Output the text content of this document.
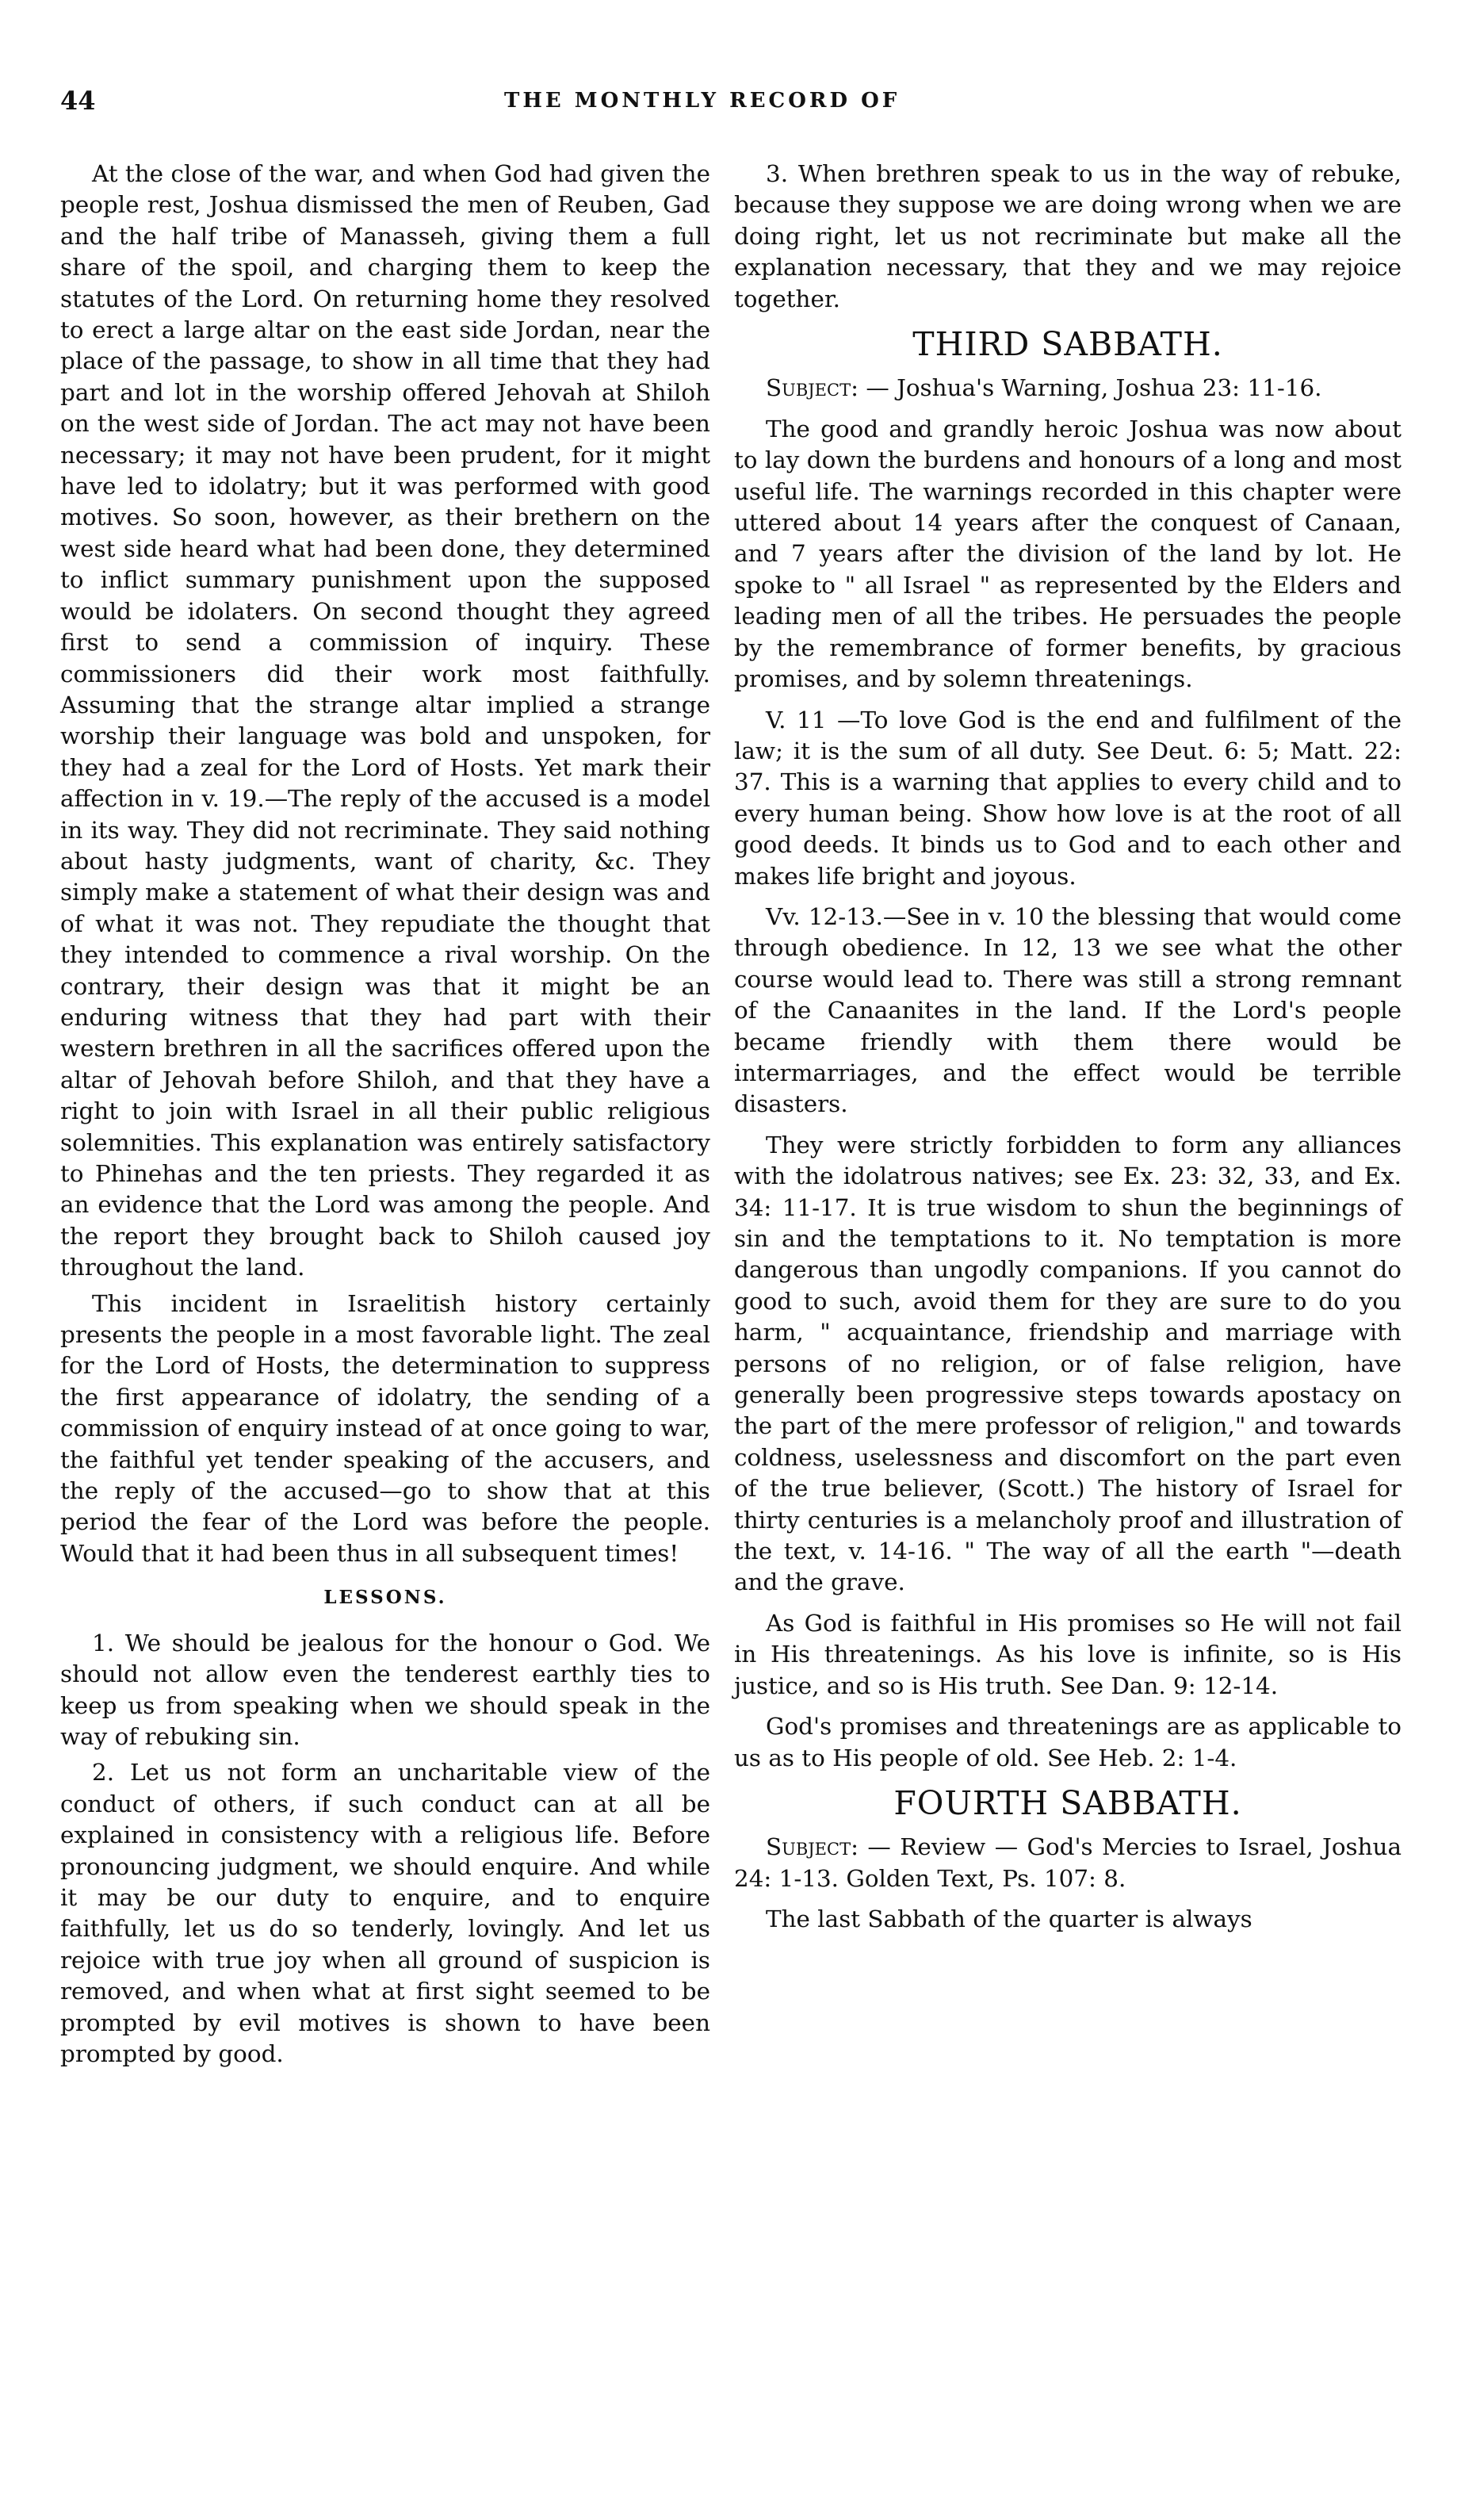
44	THE MONTHLY RECORD OF

At the close of the war, and when God had given the people rest, Joshua dismissed the men of Reuben, Gad and the half tribe of Manasseh, giving them a full share of the spoil, and charging them to keep the statutes of the Lord. On returning home they resolved to erect a large altar on the east side Jordan, near the place of the passage, to show in all time that they had part and lot in the worship offered Jehovah at Shiloh on the west side of Jordan. The act may not have been necessary; it may not have been prudent, for it might have led to idolatry; but it was performed with good motives. So soon, however, as their brethern on the west side heard what had been done, they determined to inflict summary punishment upon the supposed would be idolaters. On second thought they agreed first to send a commission of inquiry. These commissioners did their work most faithfully. Assuming that the strange altar implied a strange worship their language was bold and unspoken, for they had a zeal for the Lord of Hosts. Yet mark their affection in v. 19.—The reply of the accused is a model in its way. They did not recriminate. They said nothing about hasty judgments, want of charity, &c. They simply make a statement of what their design was and of what it was not. They repudiate the thought that they intended to commence a rival worship. On the contrary, their design was that it might be an enduring witness that they had part with their western brethren in all the sacrifices offered upon the altar of Jehovah before Shiloh, and that they have a right to join with Israel in all their public religious solemnities. This explanation was entirely satisfactory to Phinehas and the ten priests. They regarded it as an evidence that the Lord was among the people. And the report they brought back to Shiloh caused joy throughout the land.

This incident in Israelitish history certainly presents the people in a most favorable light. The zeal for the Lord of Hosts, the determination to suppress the first appearance of idolatry, the sending of a commission of enquiry instead of at once going to war, the faithful yet tender speaking of the accusers, and the reply of the accused—go to show that at this period the fear of the Lord was before the people. Would that it had been thus in all subsequent times!

LESSONS.

1. We should be jealous for the honour o God. We should not allow even the tenderest earthly ties to keep us from speaking when we should speak in the way of rebuking sin.

2. Let us not form an uncharitable view of the conduct of others, if such conduct can at all be explained in consistency with a religious life. Before pronouncing judgment, we should enquire. And while it may be our duty to enquire, and to enquire faithfully, let us do so tenderly, lovingly. And let us rejoice with true joy when all ground of suspicion is removed, and when what at first sight seemed to be prompted by evil motives is shown to have been prompted by good.

3. When brethren speak to us in the way of rebuke, because they suppose we are doing wrong when we are doing right, let us not recriminate but make all the explanation necessary, that they and we may rejoice together.

THIRD SABBATH.

Subject: — Joshua's Warning, Joshua 23: 11-16.

The good and grandly heroic Joshua was now about to lay down the burdens and honours of a long and most useful life. The warnings recorded in this chapter were uttered about 14 years after the conquest of Canaan, and 7 years after the division of the land by lot. He spoke to " all Israel " as represented by the Elders and leading men of all the tribes. He persuades the people by the remembrance of former benefits, by gracious promises, and by solemn threatenings.

V. 11 —To love God is the end and fulfilment of the law; it is the sum of all duty. See Deut. 6: 5; Matt. 22: 37. This is a warning that applies to every child and to every human being. Show how love is at the root of all good deeds. It binds us to God and to each other and makes life bright and joyous.

Vv. 12-13.—See in v. 10 the blessing that would come through obedience. In 12, 13 we see what the other course would lead to. There was still a strong remnant of the Canaanites in the land. If the Lord's people became friendly with them there would be intermarriages, and the effect would be terrible disasters.

They were strictly forbidden to form any alliances with the idolatrous natives; see Ex. 23: 32, 33, and Ex. 34: 11-17. It is true wisdom to shun the beginnings of sin and the temptations to it. No temptation is more dangerous than ungodly companions. If you cannot do good to such, avoid them for they are sure to do you harm, " acquaintance, friendship and marriage with persons of no religion, or of false religion, have generally been progressive steps towards apostacy on the part of the mere professor of religion," and towards coldness, uselessness and discomfort on the part even of the true believer, (Scott.) The history of Israel for thirty centuries is a melancholy proof and illustration of the text, v. 14-16. " The way of all the earth "—death and the grave.

As God is faithful in His promises so He will not fail in His threatenings. As his love is infinite, so is His justice, and so is His truth. See Dan. 9: 12-14.

God's promises and threatenings are as applicable to us as to His people of old. See Heb. 2: 1-4.

FOURTH SABBATH.

Subject: — Review — God's Mercies to Israel, Joshua 24: 1-13. Golden Text, Ps. 107: 8.

The last Sabbath of the quarter is always
